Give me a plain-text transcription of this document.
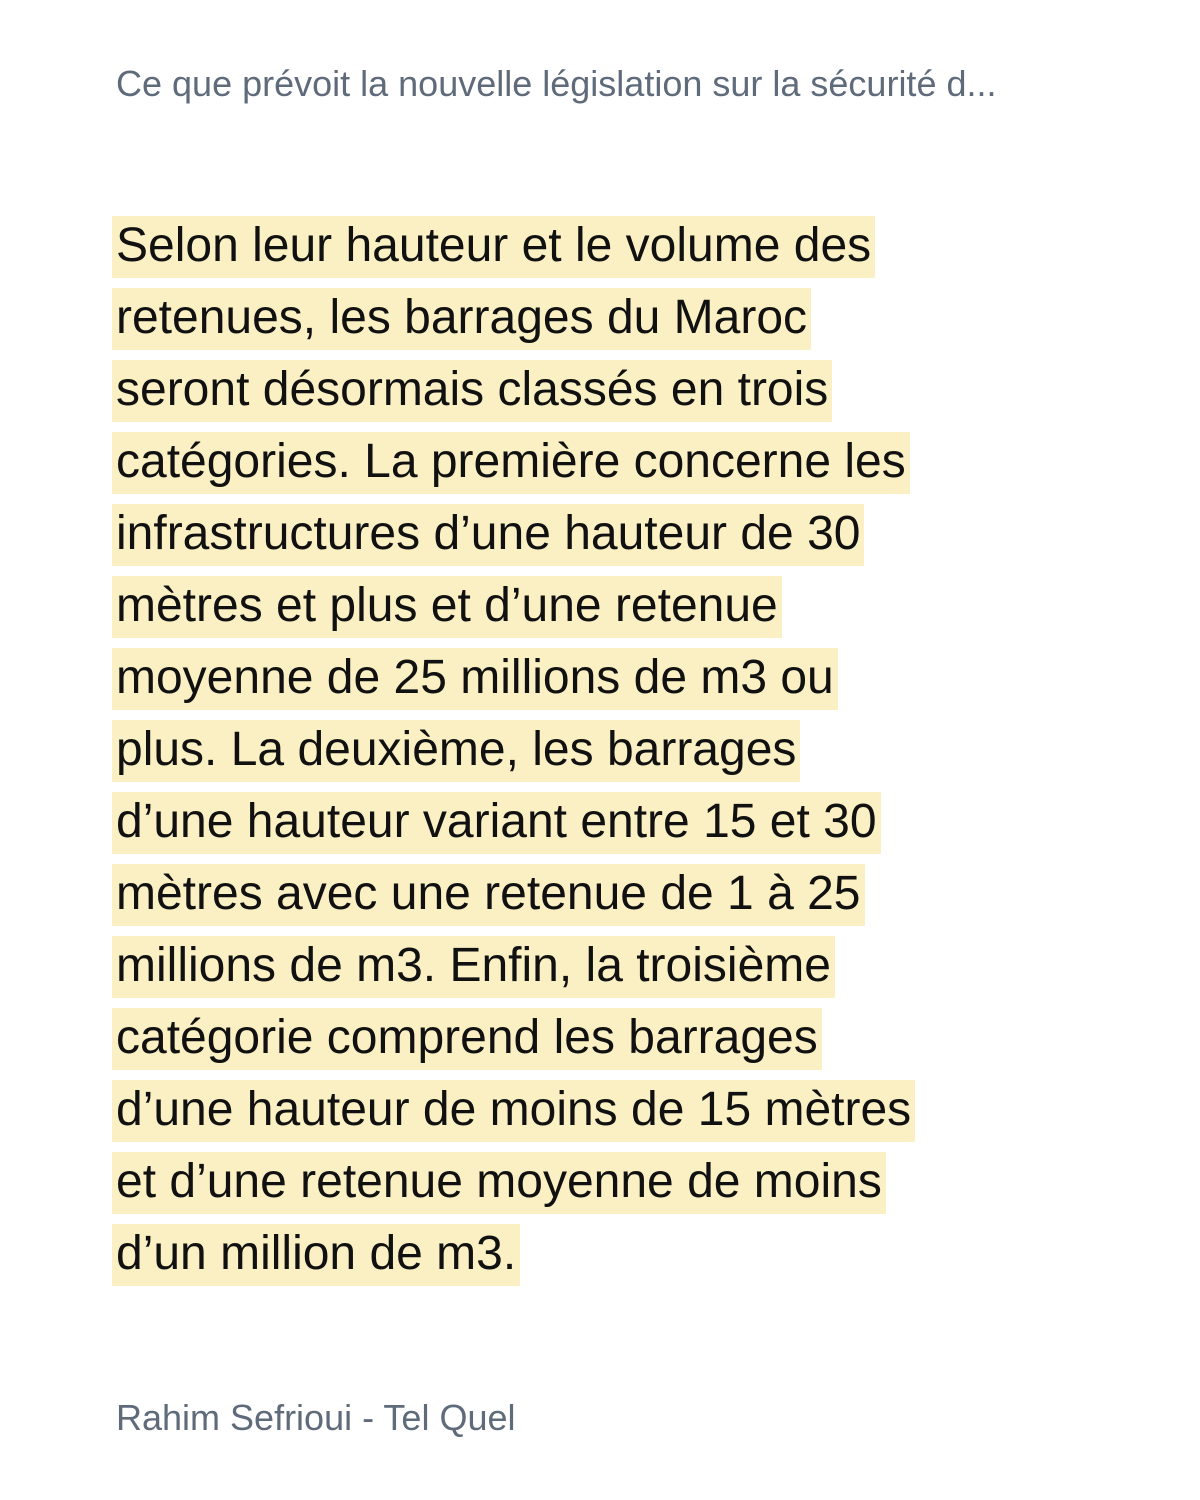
Ce que prévoit la nouvelle législation sur la sécurité d...
Selon leur hauteur et le volume des
retenues, les barrages du Maroc
seront désormais classés en trois
catégories. La première concerne les
infrastructures d’une hauteur de 30
mètres et plus et d’une retenue
moyenne de 25 millions de m3 ou
plus. La deuxième, les barrages
d’une hauteur variant entre 15 et 30
mètres avec une retenue de 1 à 25
millions de m3. Enfin, la troisième
catégorie comprend les barrages
d’une hauteur de moins de 15 mètres
et d’une retenue moyenne de moins
d’un million de m3.
Rahim Sefrioui - Tel Quel
